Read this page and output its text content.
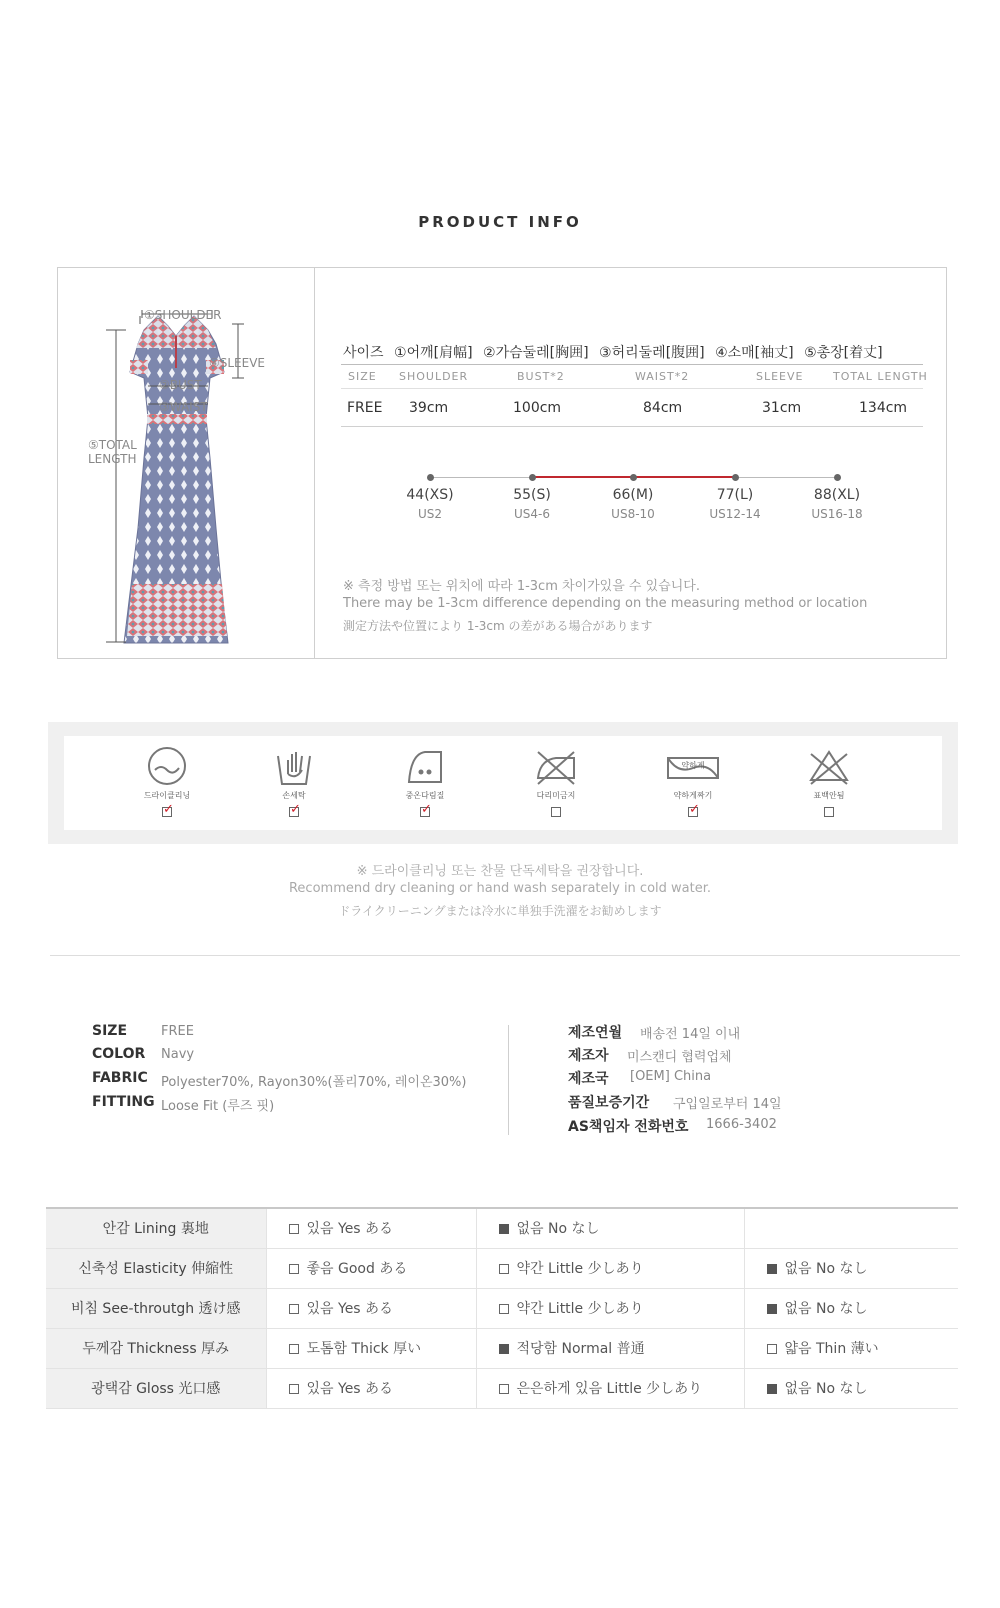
PRODUCT INFO
①SHOULDER
④SLEEVE
②BUST
③WAIST
⑤TOTAL
LENGTH
사이즈 ①어깨[肩幅] ②가슴둘레[胸囲] ③허리둘레[腹囲] ④소매[袖丈] ⑤총장[着丈]
SIZE SHOULDER	BUST*2	WAIST*2	SLEEVE	TOTAL LENGTH
FREE 39cm	100cm	84cm	31cm	134cm
44(XS)	55(S)	66(M)	77(L)	88(XL)
US2	US4-6	US8-10	US12-14	US16-18
※ 측정 방법 또는 위치에 따라 1-3cm 차이가있을 수 있습니다.
There may be 1-3cm difference depending on the measuring method or location
測定方法や位置により 1-3cm の差がある場合があります
드라이클리닝
✓
손세탁
✓
중온다림질
✓
다리미금지
약하게
약하게짜기
✓
표백안됨
※ 드라이클리닝 또는 찬물 단독세탁을 권장합니다.
Recommend dry cleaning or hand wash separately in cold water.
ドライクリーニングまたは冷水に単独手洗濯をお勧めします
SIZE	FREE
COLOR Navy
FABRIC Polyester70%, Rayon30%(폴리70%, 레이온30%)
FITTING Loose Fit (루즈 핏)
제조연월 배송전 14일 이내
제조자 미스캔디 협력업체
제조국 [OEM] China
품질보증기간 구입일로부터 14일
AS책임자 전화번호 1666-3402
안감 Lining 裏地	있음 Yes ある	없음 No なし	
신축성 Elasticity 伸縮性	좋음 Good ある	약간 Little 少しあり	없음 No なし
비침 See-throutgh 透け感	있음 Yes ある	약간 Little 少しあり	없음 No なし
두께감 Thickness 厚み	도톰함 Thick 厚い	적당함 Normal 普通	얇음 Thin 薄い
광택감 Gloss 光口感	있음 Yes ある	은은하게 있음 Little 少しあり	없음 No なし
